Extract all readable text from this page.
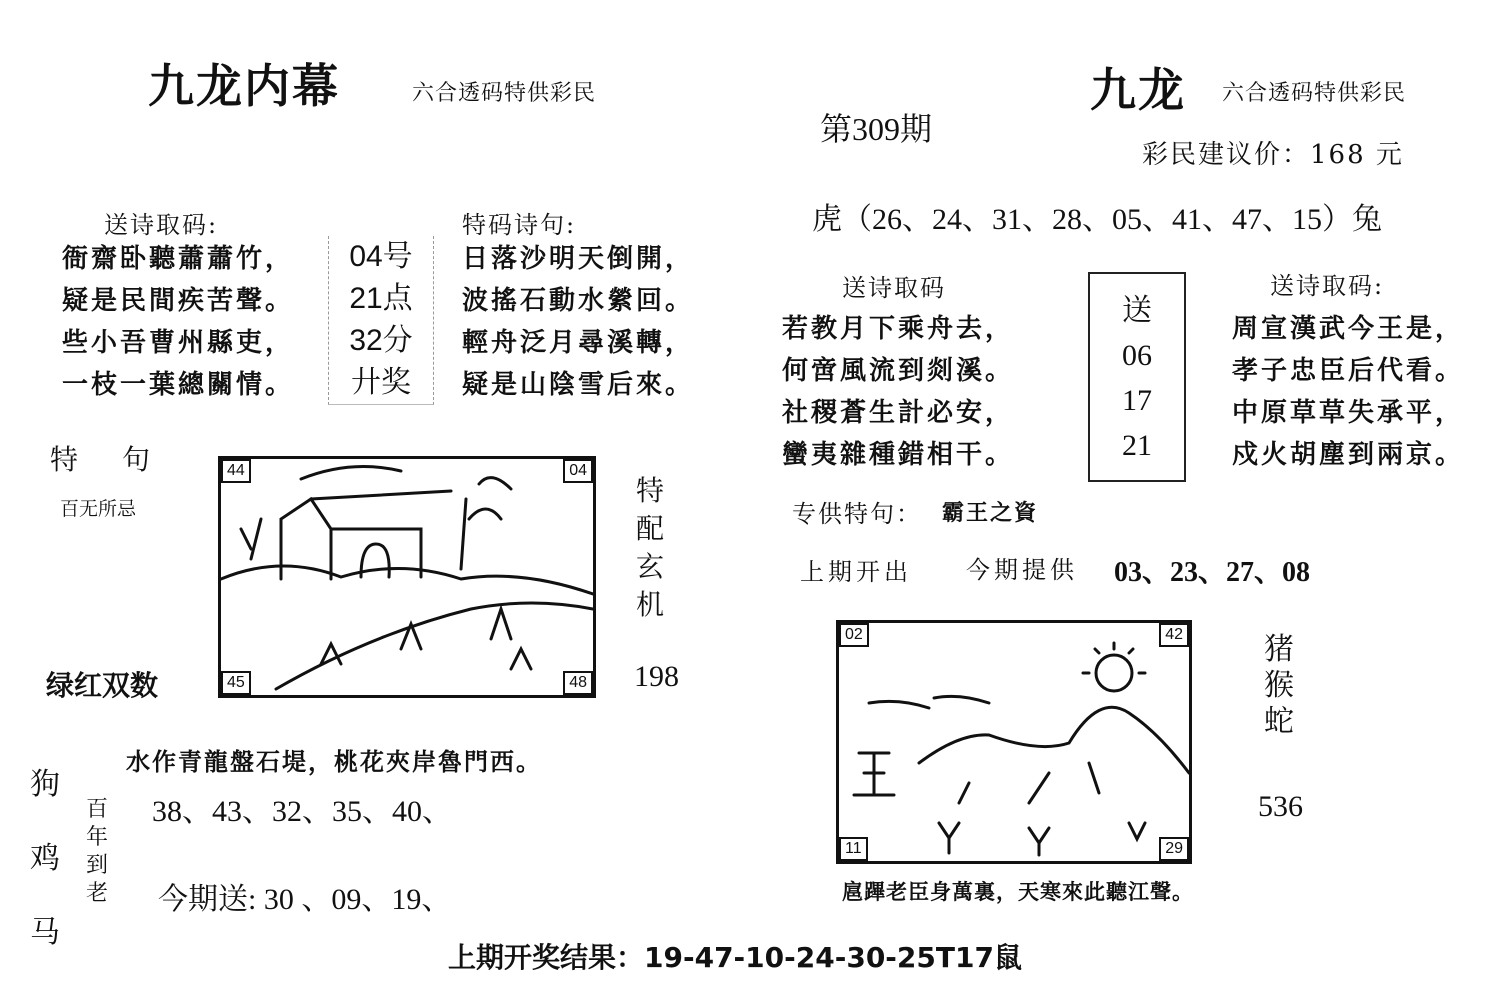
九龙内幕	六合透码特供彩民
送诗取码:
衙齋卧聽蕭蕭竹，
疑是民間疾苦聲。
些小吾曹州縣吏，
一枝一葉總關情。
04号
21点
32分
廾奖
特码诗句:
日落沙明天倒開，
波搖石動水縈回。
輕舟泛月尋溪轉，
疑是山陰雪后來。
特　句
百无所忌
绿红双数
44	04
45	48
特
配
玄
机
198
水作青龍盤石堤，桃花夾岸魯門西。
狗
鸡
马
百
年
到
老
38、43、32、35、40、
今期送: 30 、09、19、
第309期
九龙 六合透码特供彩民
彩民建议价：168 元
虎（26、24、31、28、05、41、47、15）兔
送诗取码
若教月下乘舟去，
何啻風流到剡溪。
社稷蒼生計必安，
蠻夷雜種錯相干。
送
06
17
21
送诗取码:
周宣漢武今王是，
孝子忠臣后代看。
中原草草失承平，
戍火胡塵到兩京。
专供特句： 霸王之資
上期开出 今期提供 03、23、27、08
02	42
11	29
猪
猴
蛇
536
扈蹕老臣身萬裏，天寒來此聽江聲。
上期开奖结果：19-47-10-24-30-25T17鼠
